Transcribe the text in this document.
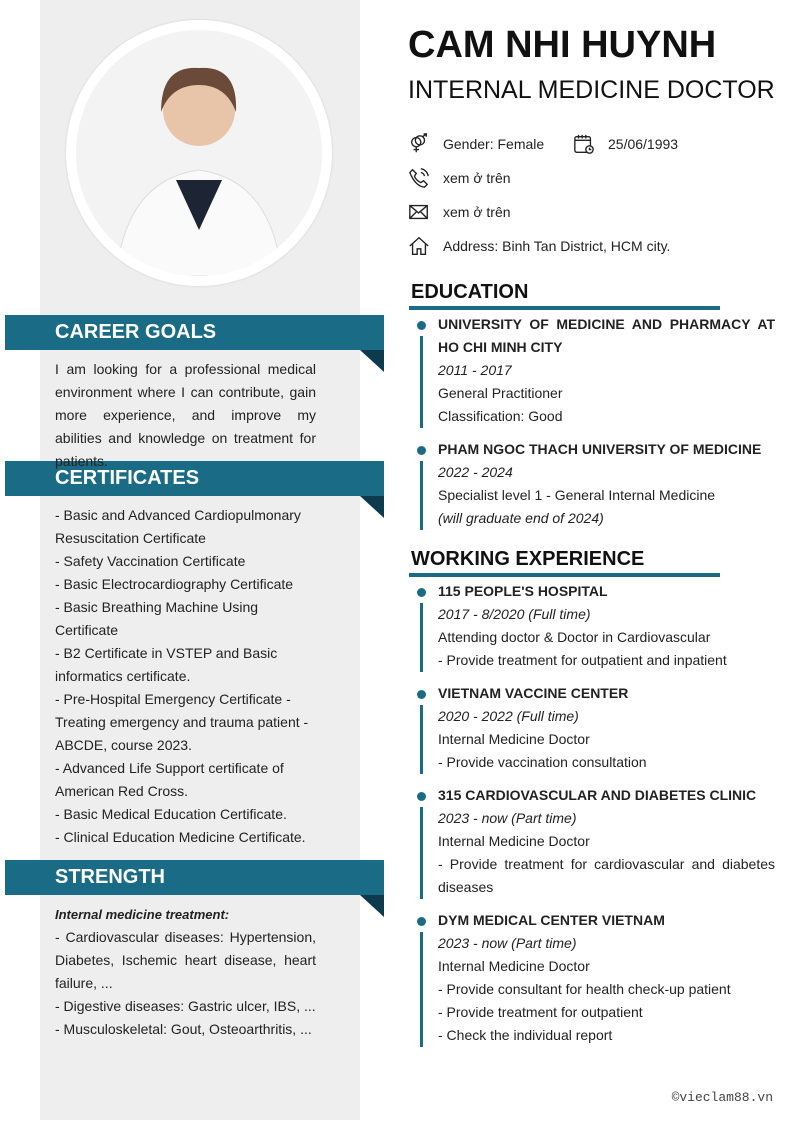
CAREER GOALS
I am looking for a professional medical environment where I can contribute, gain more experience, and improve my abilities and knowledge on treatment for patients.
CERTIFICATES
- Basic and Advanced Cardiopulmonary Resuscitation Certificate
- Safety Vaccination Certificate
- Basic Electrocardiography Certificate
- Basic Breathing Machine Using Certificate
- B2 Certificate in VSTEP and Basic informatics certificate.
- Pre-Hospital Emergency Certificate - Treating emergency and trauma patient - ABCDE, course 2023.
- Advanced Life Support certificate of American Red Cross.
- Basic Medical Education Certificate.
- Clinical Education Medicine Certificate.
STRENGTH
Internal medicine treatment:
- Cardiovascular diseases: Hypertension, Diabetes, Ischemic heart disease, heart failure, ...
- Digestive diseases: Gastric ulcer, IBS, ...
- Musculoskeletal: Gout, Osteoarthritis, ...
CAM NHI HUYNH
INTERNAL MEDICINE DOCTOR
Gender: Female	25/06/1993
xem ở trên
xem ở trên
Address: Binh Tan District, HCM city.
EDUCATION
UNIVERSITY OF MEDICINE AND PHARMACY AT HO CHI MINH CITY
2011 - 2017
General Practitioner
Classification: Good
PHAM NGOC THACH UNIVERSITY OF MEDICINE
2022 - 2024
Specialist level 1 - General Internal Medicine
(will graduate end of 2024)
WORKING EXPERIENCE
115 PEOPLE'S HOSPITAL
2017 - 8/2020 (Full time)
Attending doctor & Doctor in Cardiovascular
- Provide treatment for outpatient and inpatient
VIETNAM VACCINE CENTER
2020 - 2022 (Full time)
Internal Medicine Doctor
- Provide vaccination consultation
315 CARDIOVASCULAR AND DIABETES CLINIC
2023 - now (Part time)
Internal Medicine Doctor
- Provide treatment for cardiovascular and diabetes diseases
DYM MEDICAL CENTER VIETNAM
2023 - now (Part time)
Internal Medicine Doctor
- Provide consultant for health check-up patient
- Provide treatment for outpatient
- Check the individual report
©vieclam88.vn
